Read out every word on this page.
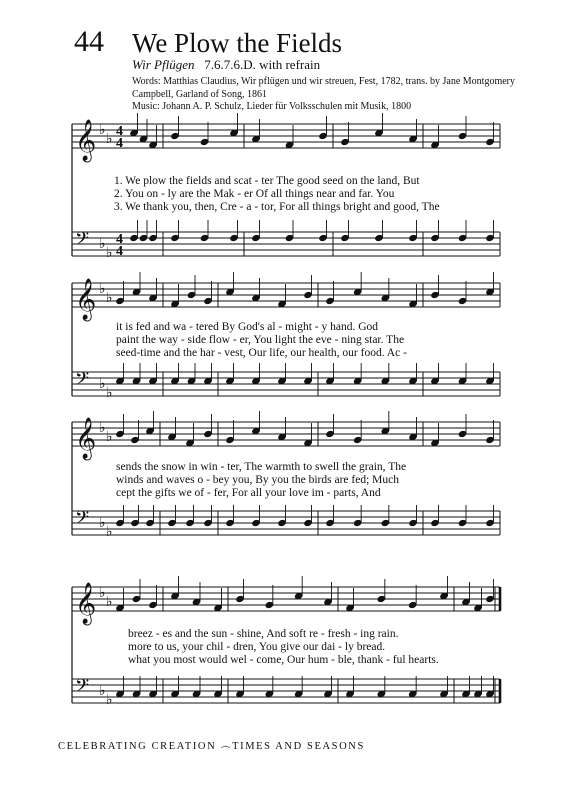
44 We Plow the Fields
Wir Pflügen 7.6.7.6.D. with refrain
Words: Matthias Claudius, Wir pflügen und wir streuen, Fest, 1782, trans. by Jane Montgomery
Campbell, Garland of Song, 1861
Music: Johann A. P. Schulz, Lieder für Volksschulen mit Musik, 1800
𝄞 ♭
♭ 4
4
𝄢 ♭
♭
4
4
𝄞 ♭
♭
𝄢 ♭
♭
𝄞 ♭
♭
𝄢 ♭
♭
𝄞 ♭
♭
𝄢 ♭
♭
1. We plow the fields and scat - ter The good seed on the land, But
2. You on - ly are the Mak - er Of all things near and far. You
3. We thank you, then, Cre - a - tor, For all things bright and good, The
it is fed and wa - tered By God's al - might - y hand. God
paint the way - side flow - er, You light the eve - ning star. The
seed-time and the har - vest, Our life, our health, our food. Ac -
sends the snow in win - ter, The warmth to swell the grain, The
winds and waves o - bey you, By you the birds are fed; Much
cept the gifts we of - fer, For all your love im - parts, And
breez - es and the sun - shine, And soft re - fresh - ing rain.
more to us, your chil - dren, You give our dai - ly bread.
what you most would wel - come, Our hum - ble, thank - ful hearts.
CELEBRATING CREATION ෴TIMES AND SEASONS
